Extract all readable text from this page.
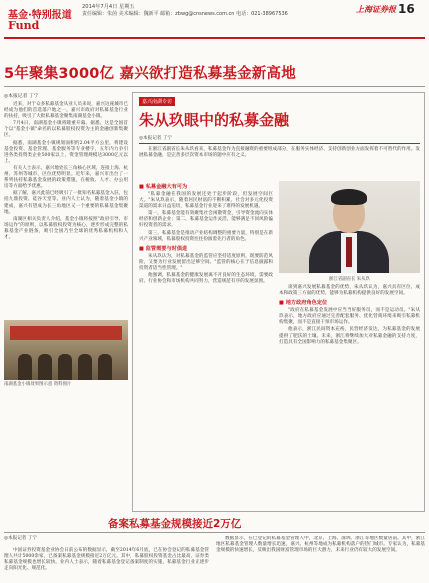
基金·特别报道
Fund
2014年7月4日 星期五
责任编辑：朱茵 美术编辑：魏新平 邮箱：zbwg@cnsnews.com.cn 电话：021-38967536	上海证券报 16
5年聚集3000亿 嘉兴欲打造私募基金新高地
◎本报记者 丁宁

近来，对于众多私募基金从业人员来说，嘉兴这座城市已经成为他们的首选落户地之一。嘉兴市政府对私募基金行业的扶持，吸引了大批私募基金聚集南湖基金小镇。

7月4日，南湖基金小镇将隆重开幕。据悉，这是全国首个以"基金小镇"命名的以私募股权投资为主的金融创新集聚区。

据悉，南湖基金小镇规划面积约2.04平方公里，将建设基金投资、基金管理、基金服务等专业楼宇，五年内力争引进各类投资类企业500家以上，资金管理规模达3000亿元以上。

有关人士表示，嘉兴地处长三角核心区域，连接上海、杭州、苏州等城市，区位优势明显。近年来，嘉兴市出台了一系列扶持私募基金发展的政策措施，在税收、人才、办公用房等方面给予优惠。

据了解，嘉兴此前已经吸引了一批知名私募基金入驻，包括九鼎投资、硅谷天堂等。业内人士认为，随着基金小镇的建成，嘉兴有望成为长三角地区又一个重要的私募基金集聚地。

南湖区相关负责人介绍，基金小镇将按照"政府引导、市场运作"的原则，以私募股权投资为核心，逐步形成完整的私募基金产业链条，吸引全国乃至全球的优秀私募机构和人才。

南湖基金小镇效果图示意 资料图片
嘉兴南湖专访
朱从玖眼中的私募金融
◎本报记者 丁宁

在浙江省副省长朱从玖看来，私募基金作为直接融资的重要组成部分，在服务实体经济、支持创新创业方面发挥着不可替代的作用。发展私募金融，是完善多层次资本市场的题中应有之义。

■ 私募金融大有可为

"私募金融在我国的发展还处于起步阶段，但发展空间巨大。"朱从玖表示，随着居民财富的不断积累，社会对多元化投资渠道的需求日益迫切，私募基金行业迎来了难得的发展机遇。

第一，私募基金能有效聚集社会闲散资金，引导资金流向实体经济和创新企业；第二，私募基金运作灵活，能够满足不同风险偏好投资者的需求。

第三，私募基金是推动产业结构调整的重要力量，特别是在新兴产业领域，私募股权投资往往扮演着先行者的角色。

■ 监管需要与时俱进

朱从玖认为，对私募基金的监管应坚持适度原则，既要防范风险，又要为行业发展留出足够空间。"监管的核心在于信息披露和投资者适当性管理。"

他强调，私募基金的健康发展离不开良好的生态环境，需要政府、行业协会和市场机构共同努力，营造规范有序的发展氛围。	浙江省副省长 朱从玖

谈到嘉兴发展私募基金的优势，朱从玖认为，嘉兴具有区位、成本和政策三方面的优势，能够为私募机构提供良好的发展空间。

■ 地方政府角色定位

"政府在私募基金发展中应当当好服务员，而不是运动员。"朱从玖表示，地方政府应通过完善配套服务、优化营商环境来吸引私募机构集聚，而不是直接干预市场运作。

他表示，浙江民间资本充裕，民营经济发达，为私募基金的发展提供了肥沃的土壤。未来，浙江将继续加大对私募金融的支持力度，打造具有全国影响力的私募基金集聚区。

备案私募基金规模接近2万亿
◎本报记者 丁宁

中国证券投资基金业协会日前公布的数据显示，截至2014年6月底，已在协会登记的私募基金管理人共计5000余家，已备案私募基金规模接近2万亿元。其中，私募股权投资基金占比最高，证券类私募基金规模也增长较快。业内人士表示，随着私募基金登记备案制度的实施，私募基金行业正逐步走向阳光化、规范化。

数据显示，在已登记的私募基金管理人中，北京、上海、深圳、浙江等地区数量居前。其中，浙江地区私募基金管理人数量增长迅速，嘉兴、杭州等地成为私募机构落户的热门城市。专家认为，私募基金规模的快速增长，反映出我国财富管理市场的巨大潜力，未来行业仍有较大的发展空间。
